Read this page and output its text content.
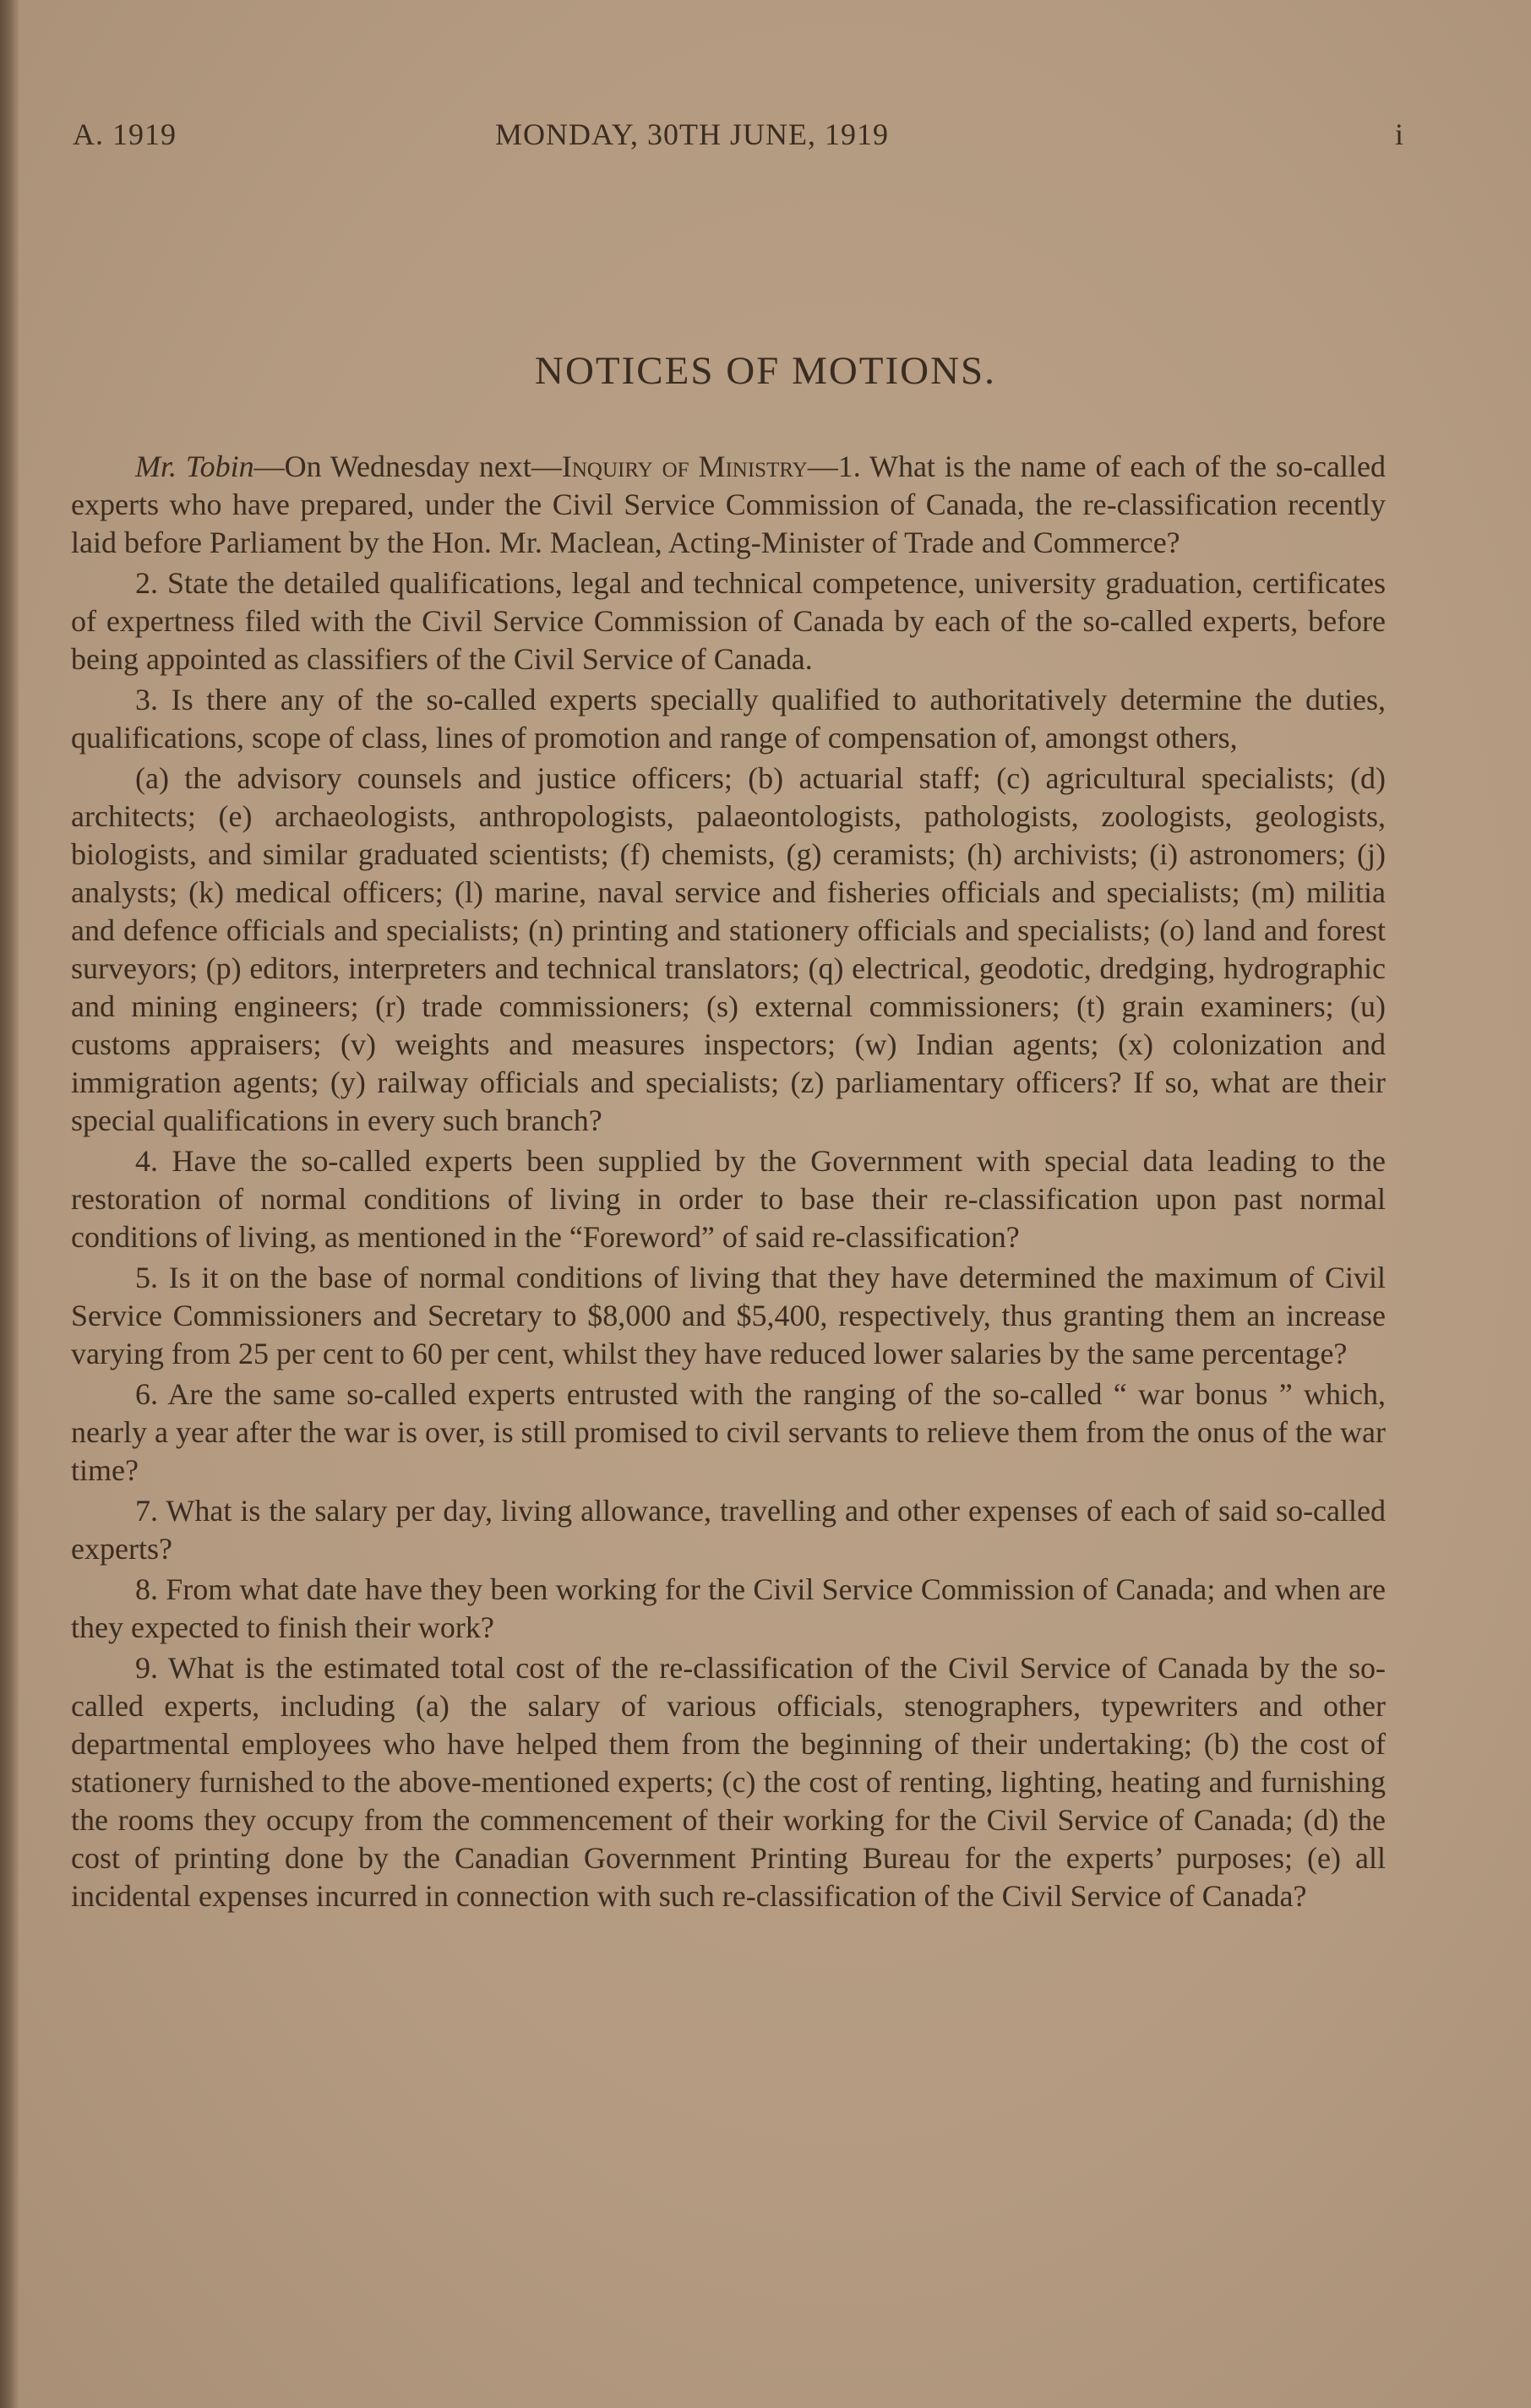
A. 1919	MONDAY, 30TH JUNE, 1919	i
NOTICES OF MOTIONS.

Mr. Tobin—On Wednesday next—Inquiry of Ministry—1. What is the name of each of the so-called experts who have prepared, under the Civil Service Commission of Canada, the re-classification recently laid before Parliament by the Hon. Mr. Maclean, Acting-Minister of Trade and Commerce?

2. State the detailed qualifications, legal and technical competence, university graduation, certificates of expertness filed with the Civil Service Commission of Canada by each of the so-called experts, before being appointed as classifiers of the Civil Service of Canada.

3. Is there any of the so-called experts specially qualified to authoritatively determine the duties, qualifications, scope of class, lines of promotion and range of compensation of, amongst others,

(a) the advisory counsels and justice officers; (b) actuarial staff; (c) agricultural specialists; (d) architects; (e) archaeologists, anthropologists, palaeontologists, pathologists, zoologists, geologists, biologists, and similar graduated scientists; (f) chemists, (g) ceramists; (h) archivists; (i) astronomers; (j) analysts; (k) medical officers; (l) marine, naval service and fisheries officials and specialists; (m) militia and defence officials and specialists; (n) printing and stationery officials and specialists; (o) land and forest surveyors; (p) editors, interpreters and technical translators; (q) electrical, geodotic, dredging, hydrographic and mining engineers; (r) trade commissioners; (s) external commissioners; (t) grain examiners; (u) customs appraisers; (v) weights and measures inspectors; (w) Indian agents; (x) colonization and immigration agents; (y) railway officials and specialists; (z) parliamentary officers? If so, what are their special qualifications in every such branch?

4. Have the so-called experts been supplied by the Government with special data leading to the restoration of normal conditions of living in order to base their re-classification upon past normal conditions of living, as mentioned in the “Foreword” of said re-classification?

5. Is it on the base of normal conditions of living that they have determined the maximum of Civil Service Commissioners and Secretary to $8,000 and $5,400, respectively, thus granting them an increase varying from 25 per cent to 60 per cent, whilst they have reduced lower salaries by the same percentage?

6. Are the same so-called experts entrusted with the ranging of the so-called “ war bonus ” which, nearly a year after the war is over, is still promised to civil servants to relieve them from the onus of the war time?

7. What is the salary per day, living allowance, travelling and other expenses of each of said so-called experts?

8. From what date have they been working for the Civil Service Commission of Canada; and when are they expected to finish their work?

9. What is the estimated total cost of the re-classification of the Civil Service of Canada by the so-called experts, including (a) the salary of various officials, stenographers, typewriters and other departmental employees who have helped them from the beginning of their undertaking; (b) the cost of stationery furnished to the above-mentioned experts; (c) the cost of renting, lighting, heating and furnishing the rooms they occupy from the commencement of their working for the Civil Service of Canada; (d) the cost of printing done by the Canadian Government Printing Bureau for the experts’ purposes; (e) all incidental expenses incurred in connection with such re-classification of the Civil Service of Canada?
